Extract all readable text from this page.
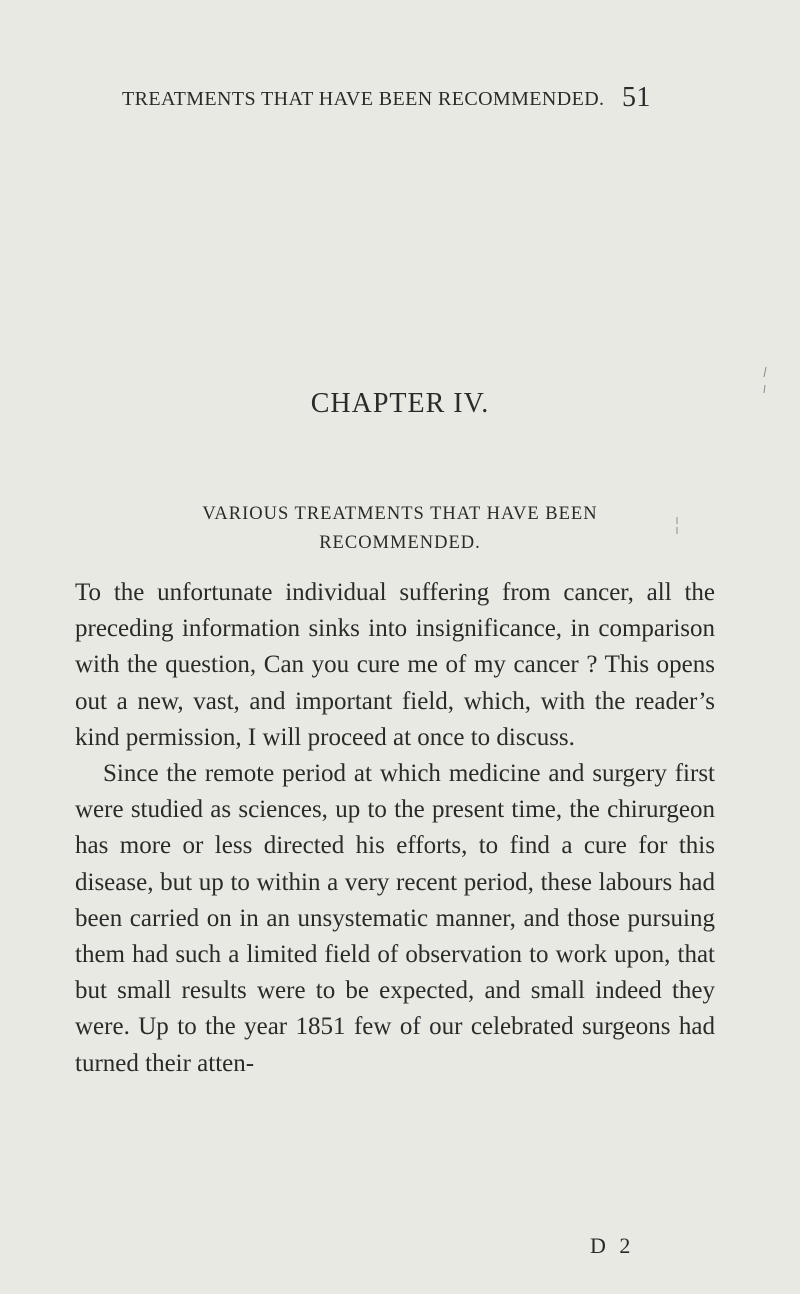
TREATMENTS THAT HAVE BEEN RECOMMENDED. 51
CHAPTER IV.
VARIOUS TREATMENTS THAT HAVE BEEN
RECOMMENDED.

To the unfortunate individual suffering from cancer, all the preceding information sinks into insignificance, in comparison with the question, Can you cure me of my cancer ? This opens out a new, vast, and important field, which, with the reader’s kind permission, I will proceed at once to discuss.

Since the remote period at which medicine and surgery first were studied as sciences, up to the present time, the chirurgeon has more or less directed his efforts, to find a cure for this disease, but up to within a very recent period, these labours had been carried on in an unsystematic manner, and those pursuing them had such a limited field of observation to work upon, that but small results were to be expected, and small indeed they were. Up to the year 1851 few of our celebrated surgeons had turned their atten-

D 2
